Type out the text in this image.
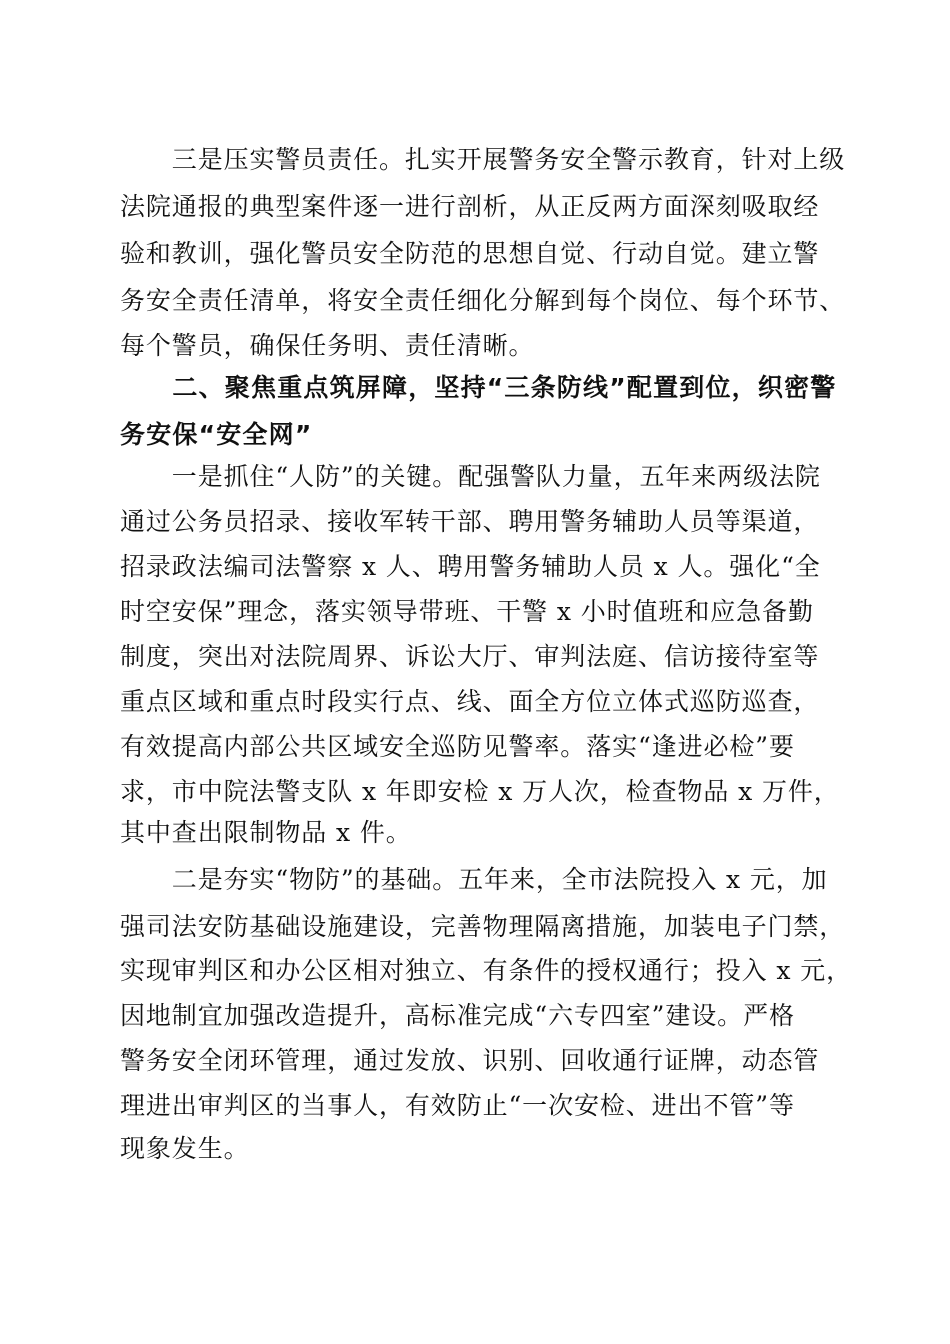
　　三是压实警员责任。扎实开展警务安全警示教育，针对上级
法院通报的典型案件逐一进行剖析，从正反两方面深刻吸取经
验和教训，强化警员安全防范的思想自觉、行动自觉。建立警
务安全责任清单，将安全责任细化分解到每个岗位、每个环节、
每个警员，确保任务明、责任清晰。
　　二、聚焦重点筑屏障，坚持“三条防线”配置到位，织密警
务安保“安全网”
　　一是抓住“人防”的关键。配强警队力量，五年来两级法院
通过公务员招录、接收军转干部、聘用警务辅助人员等渠道，
招录政法编司法警察 x 人、聘用警务辅助人员 x 人。强化“全
时空安保”理念，落实领导带班、干警 x 小时值班和应急备勤
制度，突出对法院周界、诉讼大厅、审判法庭、信访接待室等
重点区域和重点时段实行点、线、面全方位立体式巡防巡查，
有效提高内部公共区域安全巡防见警率。落实“逢进必检”要
求，市中院法警支队 x 年即安检 x 万人次，检查物品 x 万件，
其中查出限制物品 x 件。
　　二是夯实“物防”的基础。五年来，全市法院投入 x 元，加
强司法安防基础设施建设，完善物理隔离措施，加装电子门禁，
实现审判区和办公区相对独立、有条件的授权通行；投入 x 元，
因地制宜加强改造提升，高标准完成“六专四室”建设。严格
警务安全闭环管理，通过发放、识别、回收通行证牌，动态管
理进出审判区的当事人，有效防止“一次安检、进出不管”等
现象发生。
